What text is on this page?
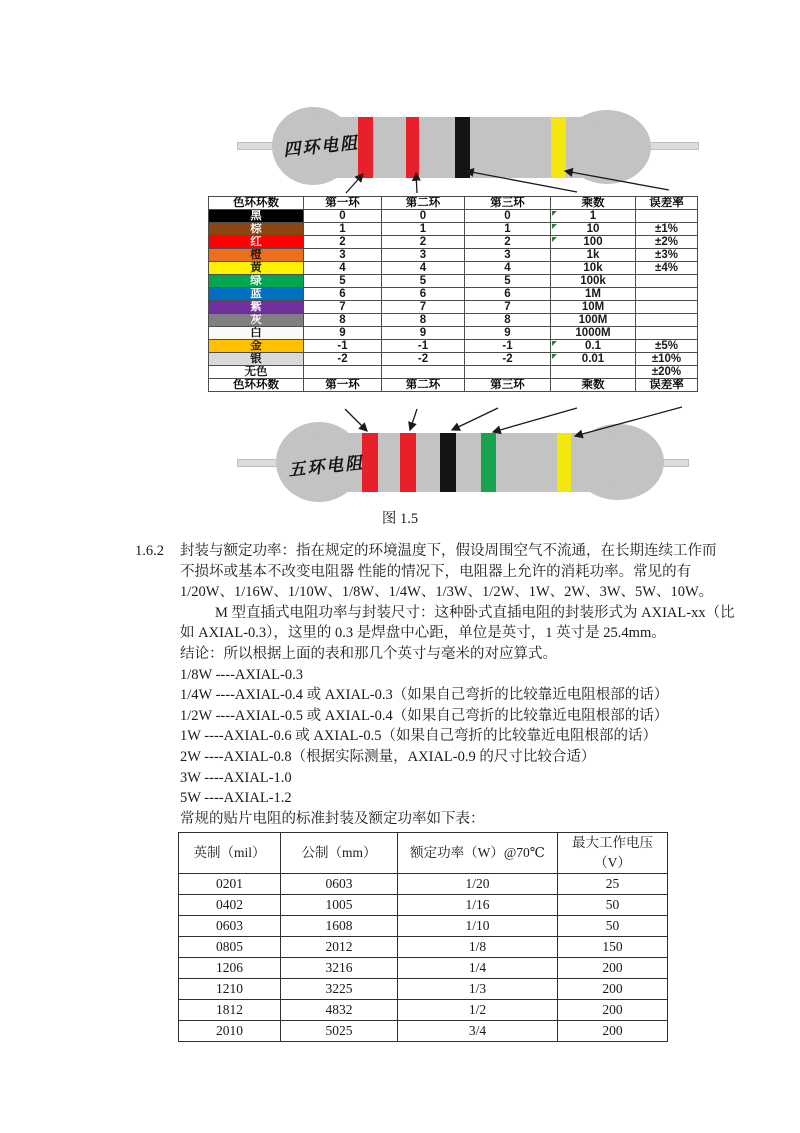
四环电阻
色环环数	第一环	第二环	第三环	乘数	误差率
黑	0	0	0	1

棕	1	1	1	10	±1%
红	2	2	2	100	±2%
橙	3	3	3	1k	±3%
黄	4	4	4	10k	±4%
绿	5	5	5	100k	
蓝	6	6	6	1M	
紫	7	7	7	10M	
灰	8	8	8	100M	
白	9	9	9	1000M	
金	-1	-1	-1	0.1	±5%
银	-2	-2	-2	0.01	±10%
无色					±20%
色环环数	第一环	第二环	第三环	乘数	误差率
五环电阻
图 1.5
1.6.2 封装与额定功率：指在规定的环境温度下，假设周围空气不流通，在长期连续工作而
不损坏或基本不改变电阻器 性能的情况下，电阻器上允许的消耗功率。常见的有
1/20W、1/16W、1/10W、1/8W、1/4W、1/3W、1/2W、1W、2W、3W、5W、10W。
M 型直插式电阻功率与封装尺寸：这种卧式直插电阻的封装形式为 AXIAL-xx（比
如 AXIAL-0.3），这里的 0.3 是焊盘中心距，单位是英寸，1 英寸是 25.4mm。
结论：所以根据上面的表和那几个英寸与毫米的对应算式。
1/8W ----AXIAL-0.3
1/4W ----AXIAL-0.4 或 AXIAL-0.3（如果自己弯折的比较靠近电阻根部的话）
1/2W ----AXIAL-0.5 或 AXIAL-0.4（如果自己弯折的比较靠近电阻根部的话）
1W ----AXIAL-0.6 或 AXIAL-0.5（如果自己弯折的比较靠近电阻根部的话）
2W ----AXIAL-0.8（根据实际测量，AXIAL-0.9 的尺寸比较合适）
3W ----AXIAL-1.0
5W ----AXIAL-1.2
常规的贴片电阻的标准封装及额定功率如下表：
英制（mil）	公制（mm）	额定功率（W）@70℃	最大工作电压（V）
0201	0603	1/20	25
0402	1005	1/16	50
0603	1608	1/10	50
0805	2012	1/8	150
1206	3216	1/4	200
1210	3225	1/3	200
1812	4832	1/2	200
2010	5025	3/4	200
